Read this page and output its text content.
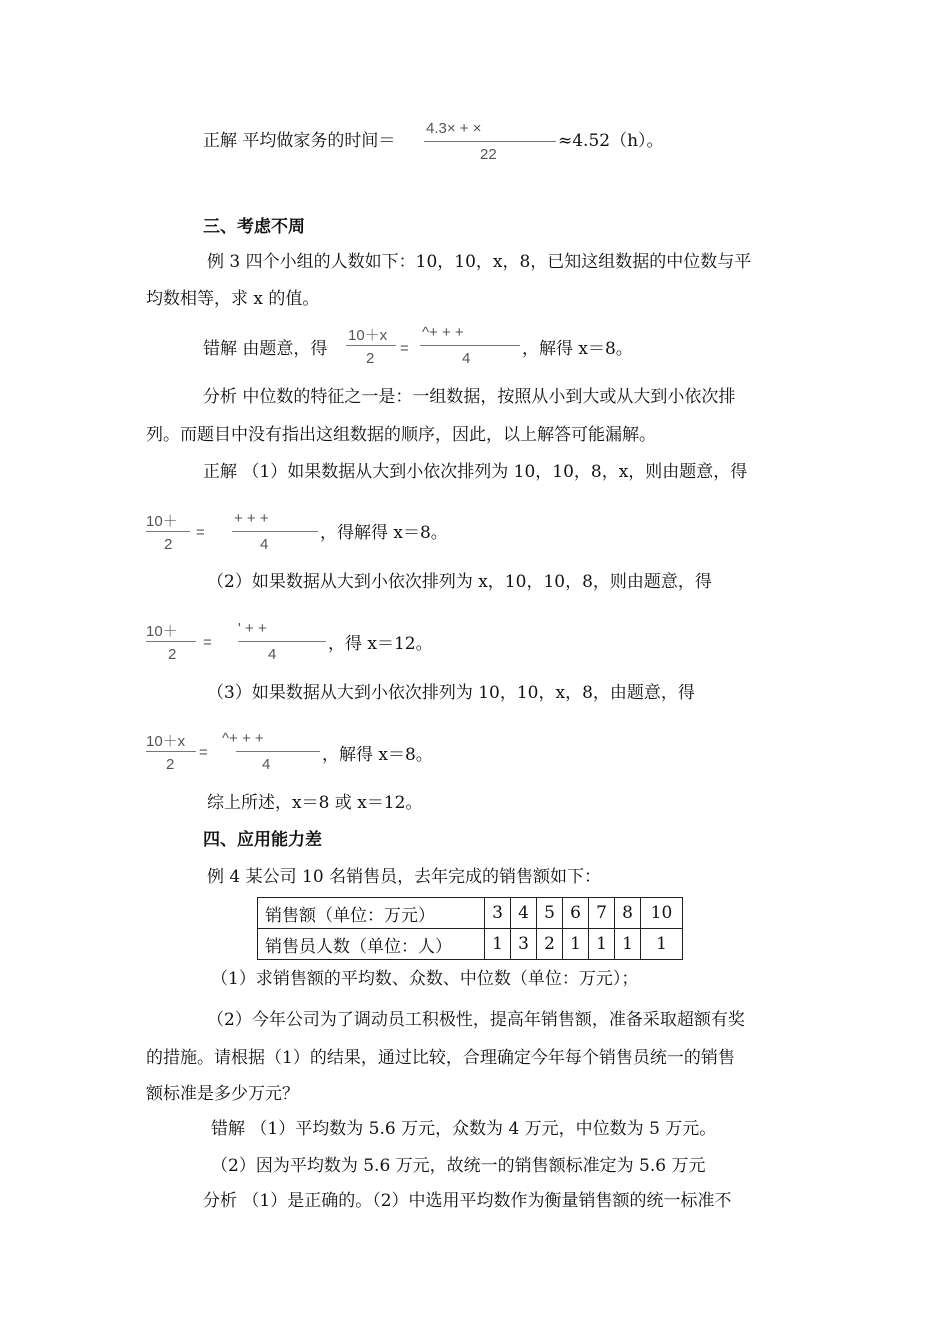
正解 平均做家务的时间＝
4.3× + ×
22
≈4.52（h）。
三、考虑不周
例 3 四个小组的人数如下：10，10，x，8，已知这组数据的中位数与平
均数相等，求 x 的值。
错解 由题意，得
10＋x
2
=
^+ + +
4	，解得 x＝8。
分析 中位数的特征之一是：一组数据，按照从小到大或从大到小依次排
列。而题目中没有指出这组数据的顺序，因此，以上解答可能漏解。
正解 （1）如果数据从大到小依次排列为 10，10，8，x，则由题意，得
10＋
2
=
+ + +
4
，得解得 x＝8。
（2）如果数据从大到小依次排列为 x，10，10，8，则由题意，得
10＋
2
=
' + +
4
，得 x＝12。
（3）如果数据从大到小依次排列为 10，10，x，8，由题意，得
10＋x
2
=
^+ + +
4	，解得 x＝8。
综上所述，x＝8 或 x＝12。
四、应用能力差
例 4 某公司 10 名销售员，去年完成的销售额如下：
销售额（单位：万元）	3	4	5	6	7	8	10
销售员人数（单位：人）	1	3	2	1	1	1	1
（1）求销售额的平均数、众数、中位数（单位：万元）；
（2）今年公司为了调动员工积极性，提高年销售额，准备采取超额有奖
的措施。请根据（1）的结果，通过比较，合理确定今年每个销售员统一的销售
额标准是多少万元？
错解 （1）平均数为 5.6 万元，众数为 4 万元，中位数为 5 万元。
（2）因为平均数为 5.6 万元，故统一的销售额标准定为 5.6 万元
分析 （1）是正确的。（2）中选用平均数作为衡量销售额的统一标准不
